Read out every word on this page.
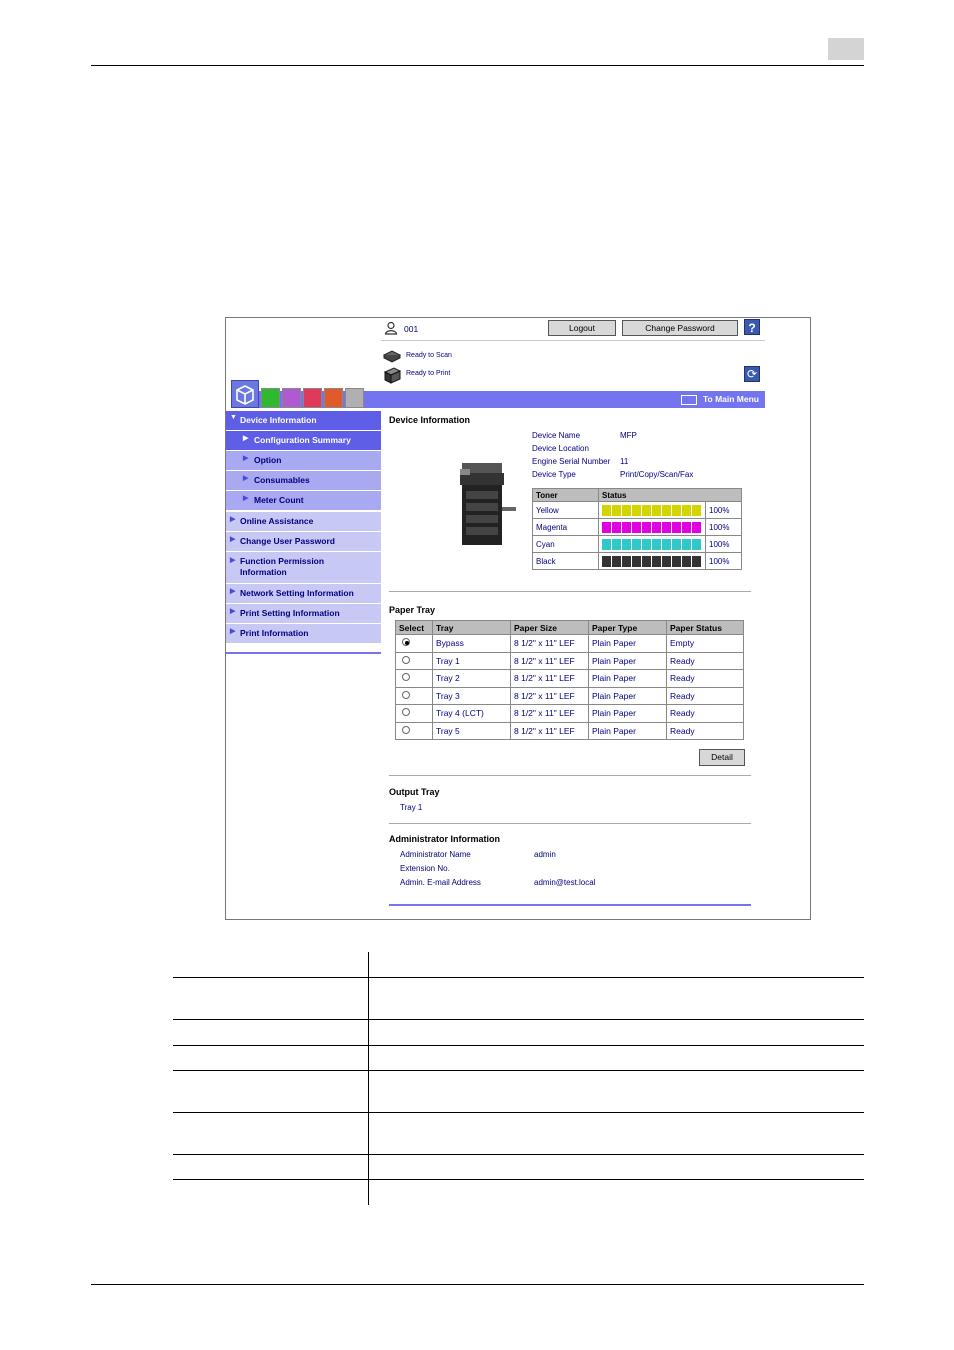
001	Logout	Change Password	?
Ready to Scan
Ready to Print	⟳
To Main Menu
▼ Device Information
▶ Configuration Summary
▶ Option
▶ Consumables
▶ Meter Count
▶ Online Assistance
▶ Change User Password
▶ Function Permission Information
▶ Network Setting Information
▶ Print Setting Information
▶ Print Information
Device Information
Device Name	MFP
Device Location
Engine Serial Number 11
Device Type	Print/Copy/Scan/Fax
Toner	Status	
Yellow		100%
Magenta		100%
Cyan		100%
Black		100%
Paper Tray
Select	Tray	Paper Size	Paper Type	Paper Status
	Bypass	8 1/2" x 11" LEF	Plain Paper	Empty
	Tray 1	8 1/2" x 11" LEF	Plain Paper	Ready
	Tray 2	8 1/2" x 11" LEF	Plain Paper	Ready
	Tray 3	8 1/2" x 11" LEF	Plain Paper	Ready
	Tray 4 (LCT)	8 1/2" x 11" LEF	Plain Paper	Ready
	Tray 5	8 1/2" x 11" LEF	Plain Paper	Ready
Detail
Output Tray
Tray 1
Administrator Information
Administrator Name	admin
Extension No.
Admin. E-mail Address	admin@test.local
